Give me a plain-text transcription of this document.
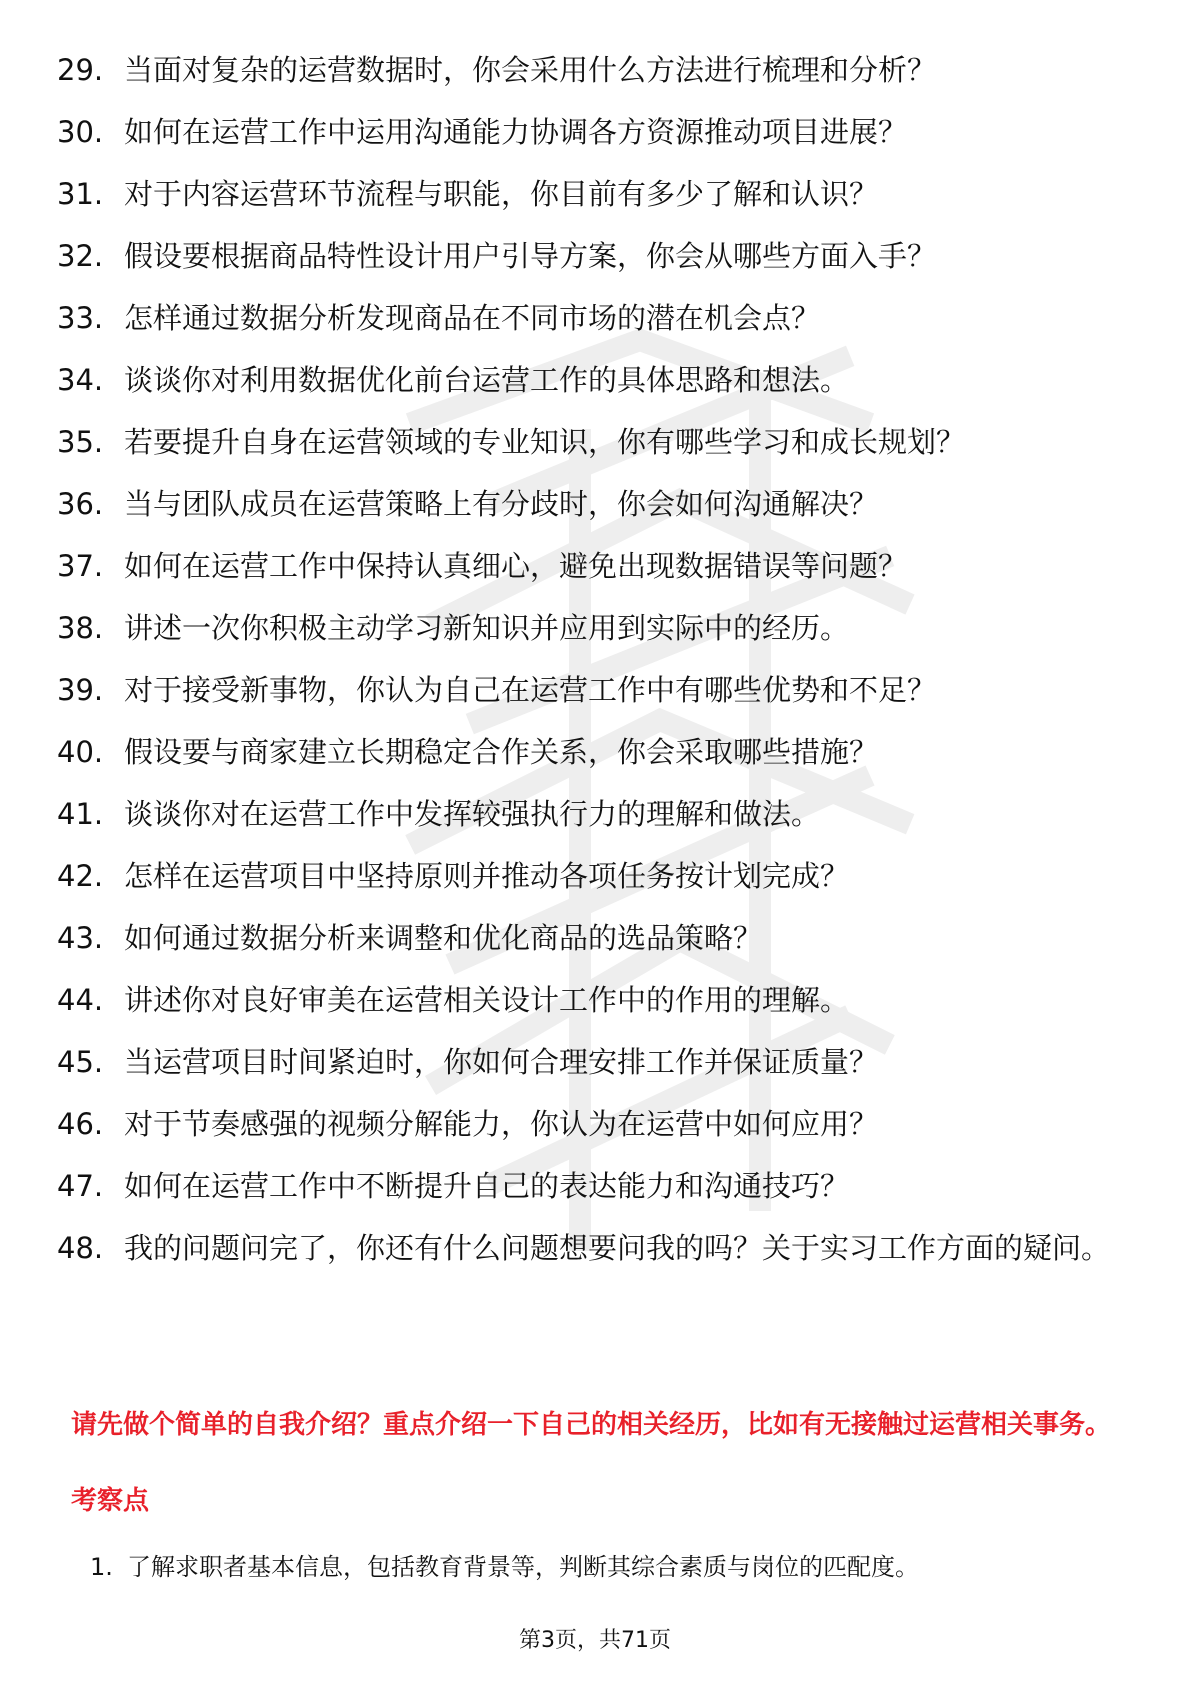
29. 当面对复杂的运营数据时，你会采用什么方法进行梳理和分析？
30. 如何在运营工作中运用沟通能力协调各方资源推动项目进展？
31. 对于内容运营环节流程与职能，你目前有多少了解和认识？
32. 假设要根据商品特性设计用户引导方案，你会从哪些方面入手？
33. 怎样通过数据分析发现商品在不同市场的潜在机会点？
34. 谈谈你对利用数据优化前台运营工作的具体思路和想法。
35. 若要提升自身在运营领域的专业知识，你有哪些学习和成长规划？
36. 当与团队成员在运营策略上有分歧时，你会如何沟通解决？
37. 如何在运营工作中保持认真细心，避免出现数据错误等问题？
38. 讲述一次你积极主动学习新知识并应用到实际中的经历。
39. 对于接受新事物，你认为自己在运营工作中有哪些优势和不足？
40. 假设要与商家建立长期稳定合作关系，你会采取哪些措施？
41. 谈谈你对在运营工作中发挥较强执行力的理解和做法。
42. 怎样在运营项目中坚持原则并推动各项任务按计划完成？
43. 如何通过数据分析来调整和优化商品的选品策略？
44. 讲述你对良好审美在运营相关设计工作中的作用的理解。
45. 当运营项目时间紧迫时，你如何合理安排工作并保证质量？
46. 对于节奏感强的视频分解能力，你认为在运营中如何应用？
47. 如何在运营工作中不断提升自己的表达能力和沟通技巧？
48. 我的问题问完了，你还有什么问题想要问我的吗？关于实习工作方面的疑问。
请先做个简单的自我介绍？重点介绍一下自己的相关经历，比如有无接触过运营相关事务。
考察点
1. 了解求职者基本信息，包括教育背景等，判断其综合素质与岗位的匹配度。
第3页，共71页
